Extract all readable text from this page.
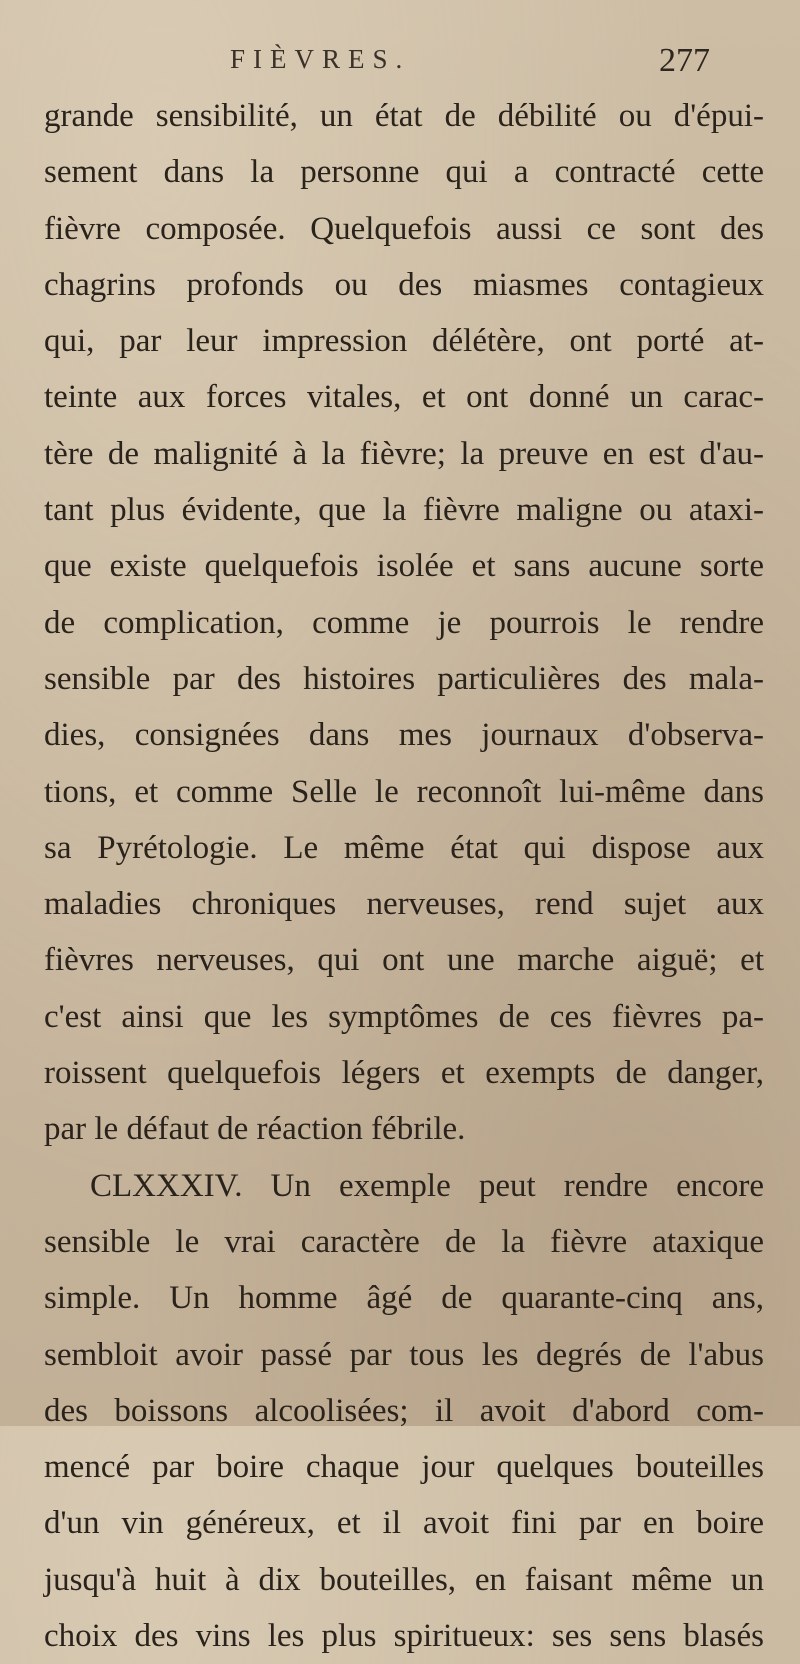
FIÈVRES.	277
grande sensibilité, un état de débilité ou d'épui-
sement dans la personne qui a contracté cette
fièvre composée. Quelquefois aussi ce sont des
chagrins profonds ou des miasmes contagieux
qui, par leur impression délétère, ont porté at-
teinte aux forces vitales, et ont donné un carac-
tère de malignité à la fièvre; la preuve en est d'au-
tant plus évidente, que la fièvre maligne ou ataxi-
que existe quelquefois isolée et sans aucune sorte
de complication, comme je pourrois le rendre
sensible par des histoires particulières des mala-
dies, consignées dans mes journaux d'observa-
tions, et comme Selle le reconnoît lui-même dans
sa Pyrétologie. Le même état qui dispose aux
maladies chroniques nerveuses, rend sujet aux
fièvres nerveuses, qui ont une marche aiguë; et
c'est ainsi que les symptômes de ces fièvres pa-
roissent quelquefois légers et exempts de danger,
par le défaut de réaction fébrile.
CLXXXIV. Un exemple peut rendre encore
sensible le vrai caractère de la fièvre ataxique
simple. Un homme âgé de quarante-cinq ans,
sembloit avoir passé par tous les degrés de l'abus
des boissons alcoolisées; il avoit d'abord com-
mencé par boire chaque jour quelques bouteilles
d'un vin généreux, et il avoit fini par en boire
jusqu'à huit à dix bouteilles, en faisant même un
choix des vins les plus spiritueux: ses sens blasés
